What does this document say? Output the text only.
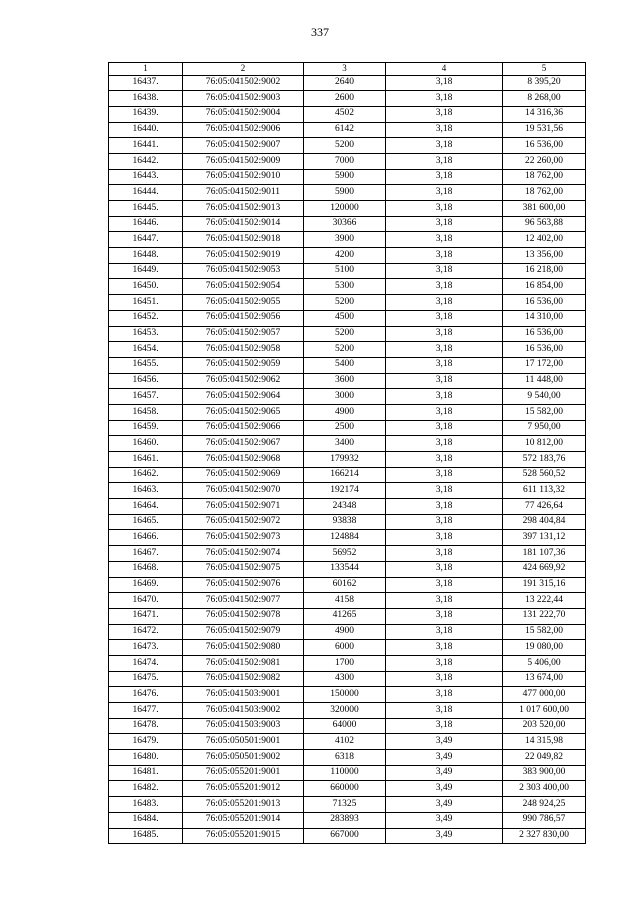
337
1	2	3	4	5
16437.	76:05:041502:9002	2640	3,18	8 395,20
16438.	76:05:041502:9003	2600	3,18	8 268,00
16439.	76:05:041502:9004	4502	3,18	14 316,36
16440.	76:05:041502:9006	6142	3,18	19 531,56
16441.	76:05:041502:9007	5200	3,18	16 536,00
16442.	76:05:041502:9009	7000	3,18	22 260,00
16443.	76:05:041502:9010	5900	3,18	18 762,00
16444.	76:05:041502:9011	5900	3,18	18 762,00
16445.	76:05:041502:9013	120000	3,18	381 600,00
16446.	76:05:041502:9014	30366	3,18	96 563,88
16447.	76:05:041502:9018	3900	3,18	12 402,00
16448.	76:05:041502:9019	4200	3,18	13 356,00
16449.	76:05:041502:9053	5100	3,18	16 218,00
16450.	76:05:041502:9054	5300	3,18	16 854,00
16451.	76:05:041502:9055	5200	3,18	16 536,00
16452.	76:05:041502:9056	4500	3,18	14 310,00
16453.	76:05:041502:9057	5200	3,18	16 536,00
16454.	76:05:041502:9058	5200	3,18	16 536,00
16455.	76:05:041502:9059	5400	3,18	17 172,00
16456.	76:05:041502:9062	3600	3,18	11 448,00
16457.	76:05:041502:9064	3000	3,18	9 540,00
16458.	76:05:041502:9065	4900	3,18	15 582,00
16459.	76:05:041502:9066	2500	3,18	7 950,00
16460.	76:05:041502:9067	3400	3,18	10 812,00
16461.	76:05:041502:9068	179932	3,18	572 183,76
16462.	76:05:041502:9069	166214	3,18	528 560,52
16463.	76:05:041502:9070	192174	3,18	611 113,32
16464.	76:05:041502:9071	24348	3,18	77 426,64
16465.	76:05:041502:9072	93838	3,18	298 404,84
16466.	76:05:041502:9073	124884	3,18	397 131,12
16467.	76:05:041502:9074	56952	3,18	181 107,36
16468.	76:05:041502:9075	133544	3,18	424 669,92
16469.	76:05:041502:9076	60162	3,18	191 315,16
16470.	76:05:041502:9077	4158	3,18	13 222,44
16471.	76:05:041502:9078	41265	3,18	131 222,70
16472.	76:05:041502:9079	4900	3,18	15 582,00
16473.	76:05:041502:9080	6000	3,18	19 080,00
16474.	76:05:041502:9081	1700	3,18	5 406,00
16475.	76:05:041502:9082	4300	3,18	13 674,00
16476.	76:05:041503:9001	150000	3,18	477 000,00
16477.	76:05:041503:9002	320000	3,18	1 017 600,00
16478.	76:05:041503:9003	64000	3,18	203 520,00
16479.	76:05:050501:9001	4102	3,49	14 315,98
16480.	76:05:050501:9002	6318	3,49	22 049,82
16481.	76:05:055201:9001	110000	3,49	383 900,00
16482.	76:05:055201:9012	660000	3,49	2 303 400,00
16483.	76:05:055201:9013	71325	3,49	248 924,25
16484.	76:05:055201:9014	283893	3,49	990 786,57
16485.	76:05:055201:9015	667000	3,49	2 327 830,00
